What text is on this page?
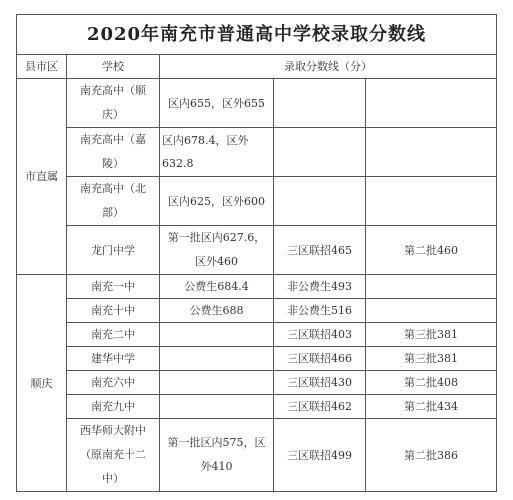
2020年南充市普通高中学校录取分数线				
县市区	学校	录取分数线（分）		
市直属	南充高中（顺庆）	区内655，区外655		
	南充高中（嘉陵）	区内678.4，区外632.8		
	南充高中（北部）	区内625，区外600		
	龙门中学	第一批区内627.6，区外460	三区联招465	第二批460
顺庆	南充一中	公费生684.4	非公费生493	
	南充十中	公费生688	非公费生516	
	南充二中		三区联招403	第三批381
	建华中学		三区联招466	第三批381
	南充六中		三区联招430	第二批408
	南充九中		三区联招462	第二批434
	西华师大附中（原南充十二中）	第一批区内575，区外410	三区联招499	第二批386
